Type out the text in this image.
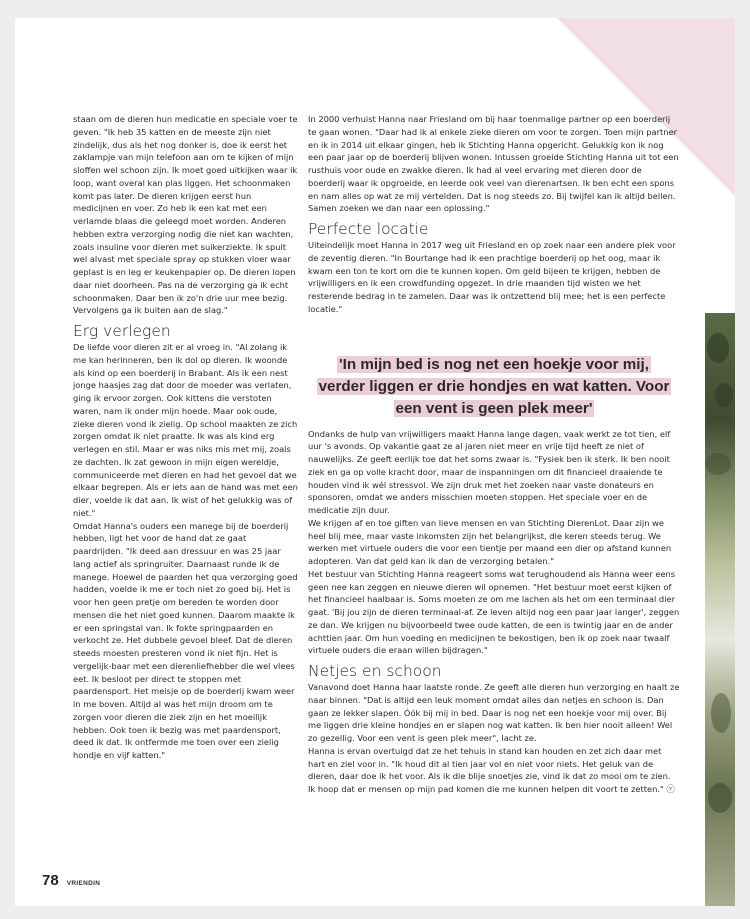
staan om de dieren hun medicatie en speciale voer te geven. "Ik heb 35 katten en de meeste zijn niet zindelijk, dus als het nog donker is, doe ik eerst het zaklampje van mijn telefoon aan om te kijken of mijn sloffen wel schoon zijn. Ik moet goed uitkijken waar ik loop, want overal kan plas liggen. Het schoonmaken komt pas later. De dieren krijgen eerst hun medicijnen en voer. Zo heb ik een kat met een verlamde blaas die geleegd moet worden. Anderen hebben extra verzorging nodig die niet kan wachten, zoals insuline voor dieren met suikerziekte. Ik spuit wel alvast met speciale spray op stukken vloer waar geplast is en leg er keukenpapier op. De dieren lopen daar niet doorheen. Pas na de verzorging ga ik echt schoonmaken. Daar ben ik zo'n drie uur mee bezig. Vervolgens ga ik buiten aan de slag."

Erg verlegen

De liefde voor dieren zit er al vroeg in. "Al zolang ik me kan herinneren, ben ik dol op dieren. Ik woonde als kind op een boerderij in Brabant. Als ik een nest jonge haasjes zag dat door de moeder was verlaten, ging ik ervoor zorgen. Ook kittens die verstoten waren, nam ik onder mijn hoede. Maar ook oude, zieke dieren vond ik zielig. Op school maakten ze zich zorgen omdat ik niet praatte. Ik was als kind erg verlegen en stil. Maar er was niks mis met mij, zoals ze dachten. Ik zat gewoon in mijn eigen wereldje, communiceerde met dieren en had het gevoel dat we elkaar begrepen. Als er iets aan de hand was met een dier, voelde ik dat aan. Ik wist of het gelukkig was of niet."

Omdat Hanna's ouders een manege bij de boerderij hebben, ligt het voor de hand dat ze gaat paardrijden. "Ik deed aan dressuur en was 25 jaar lang actief als springruiter. Daarnaast runde ik de manege. Hoewel de paarden het qua verzorging goed hadden, voelde ik me er toch niet zo goed bij. Het is voor hen geen pretje om bereden te worden door mensen die het niet goed kunnen. Daarom maakte ik er een springstal van. Ik fokte springpaarden en verkocht ze. Het dubbele gevoel bleef. Dat de dieren steeds moesten presteren vond ik niet fijn. Het is vergelijk-baar met een dierenliefhebber die wel vlees eet. Ik besloot per direct te stoppen met paardensport. Het meisje op de boerderij kwam weer in me boven. Altijd al was het mijn droom om te zorgen voor dieren die ziek zijn en het moeilijk hebben. Ook toen ik bezig was met paardensport, deed ik dat. Ik ontfermde me toen over een zielig hondje en vijf katten."

In 2000 verhuist Hanna naar Friesland om bij haar toenmalige partner op een boerderij te gaan wonen. "Daar had ik al enkele zieke dieren om voor te zorgen. Toen mijn partner en ik in 2014 uit elkaar gingen, heb ik Stichting Hanna opgericht. Gelukkig kon ik nog een paar jaar op de boerderij blijven wonen. Intussen groeide Stichting Hanna uit tot een rusthuis voor oude en zwakke dieren. Ik had al veel ervaring met dieren door de boerderij waar ik opgroeide, en leerde ook veel van dierenartsen. Ik ben echt een spons en nam alles op wat ze mij vertelden. Dat is nog steeds zo. Bij twijfel kan ik altijd bellen. Samen zoeken we dan naar een oplossing."

Perfecte locatie

Uiteindelijk moet Hanna in 2017 weg uit Friesland en op zoek naar een andere plek voor de zeventig dieren. "In Bourtange had ik een prachtige boerderij op het oog, maar ik kwam een ton te kort om die te kunnen kopen. Om geld bijeen te krijgen, hebben de vrijwilligers en ik een crowdfunding opgezet. In drie maanden tijd wisten we het resterende bedrag in te zamelen. Daar was ik ontzettend blij mee; het is een perfecte locatie."

Ondanks de hulp van vrijwilligers maakt Hanna lange dagen, vaak werkt ze tot tien, elf uur 's avonds. Op vakantie gaat ze al jaren niet meer en vrije tijd heeft ze niet of nauwelijks. Ze geeft eerlijk toe dat het soms zwaar is. "Fysiek ben ik sterk. Ik ben nooit ziek en ga op volle kracht door, maar de inspanningen om dit financieel draaiende te houden vind ik wél stressvol. We zijn druk met het zoeken naar vaste donateurs en sponsoren, omdat we anders misschien moeten stoppen. Het speciale voer en de medicatie zijn duur.

We krijgen af en toe giften van lieve mensen en van Stichting DierenLot. Daar zijn we heel blij mee, maar vaste inkomsten zijn het belangrijkst, die keren steeds terug. We werken met virtuele ouders die voor een tientje per maand een dier op afstand kunnen adopteren. Van dat geld kan ik dan de verzorging betalen."

Het bestuur van Stichting Hanna reageert soms wat terughoudend als Hanna weer eens geen nee kan zeggen en nieuwe dieren wil opnemen. "Het bestuur moet eerst kijken of het financieel haalbaar is. Soms moeten ze om me lachen als het om een terminaal dier gaat. 'Bij jou zijn de dieren terminaal-af. Ze leven altijd nog een paar jaar langer', zeggen ze dan. We krijgen nu bijvoorbeeld twee oude katten, de een is twintig jaar en de ander achttien jaar. Om hun voeding en medicijnen te bekostigen, ben ik op zoek naar twaalf virtuele ouders die eraan willen bijdragen."

Netjes en schoon

Vanavond doet Hanna haar laatste ronde. Ze geeft alle dieren hun verzorging en haalt ze naar binnen. "Dat is altijd een leuk moment omdat alles dan netjes en schoon is. Dan gaan ze lekker slapen. Óók bij mij in bed. Daar is nog net een hoekje voor mij over. Bij me liggen drie kleine hondjes en er slapen nog wat katten. Ik ben hier nooit alleen! Wel zo gezellig. Voor een vent is geen plek meer", lacht ze.

Hanna is ervan overtuigd dat ze het tehuis in stand kan houden en zet zich daar met hart en ziel voor in. "Ik houd dit al tien jaar vol en niet voor niets. Het geluk van de dieren, daar doe ik het voor. Als ik die blije snoetjes zie, vind ik dat zo mooi om te zien. Ik hoop dat er mensen op mijn pad komen die me kunnen helpen dit voort te zetten." ⓥ

'In mijn bed is nog net een hoekje voor mij, verder liggen er drie hondjes en wat katten. Voor een vent is geen plek meer'
78 VRIENDIN
